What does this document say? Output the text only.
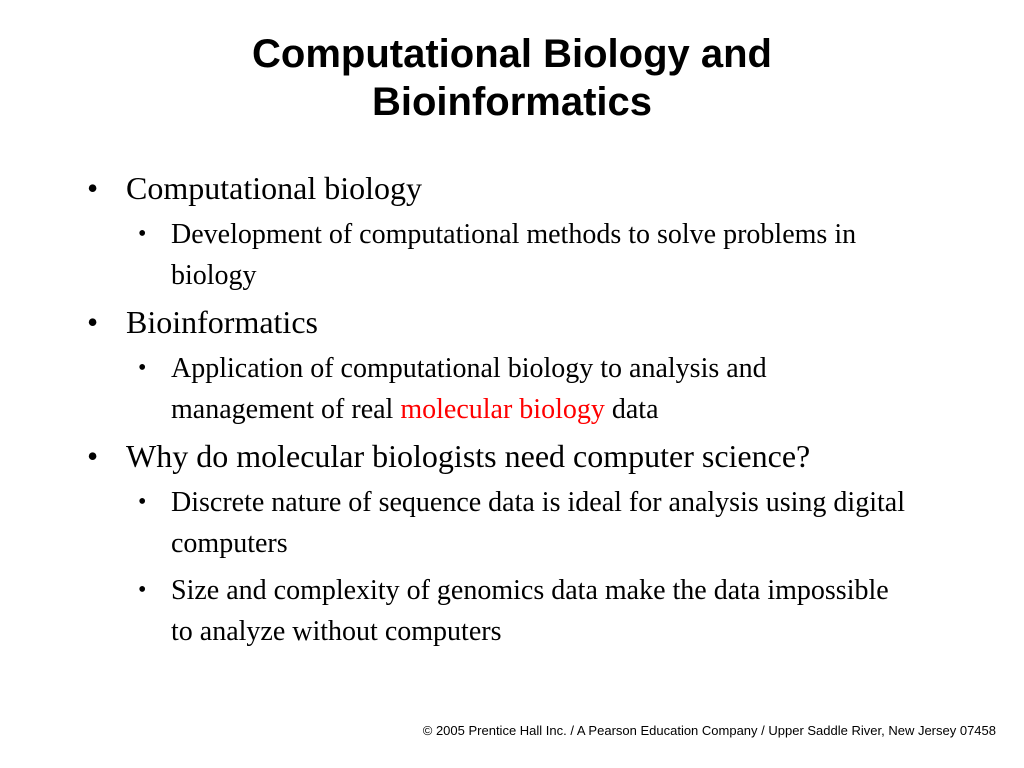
Computational Biology and
Bioinformatics
• Computational biology
• Development of computational methods to solve problems in biology
• Bioinformatics
• Application of computational biology to analysis and management of real molecular biology data
• Why do molecular biologists need computer science?
• Discrete nature of sequence data is ideal for analysis using digital computers
• Size and complexity of genomics data make the data impossible to analyze without computers
© 2005 Prentice Hall Inc. / A Pearson Education Company / Upper Saddle River, New Jersey 07458
